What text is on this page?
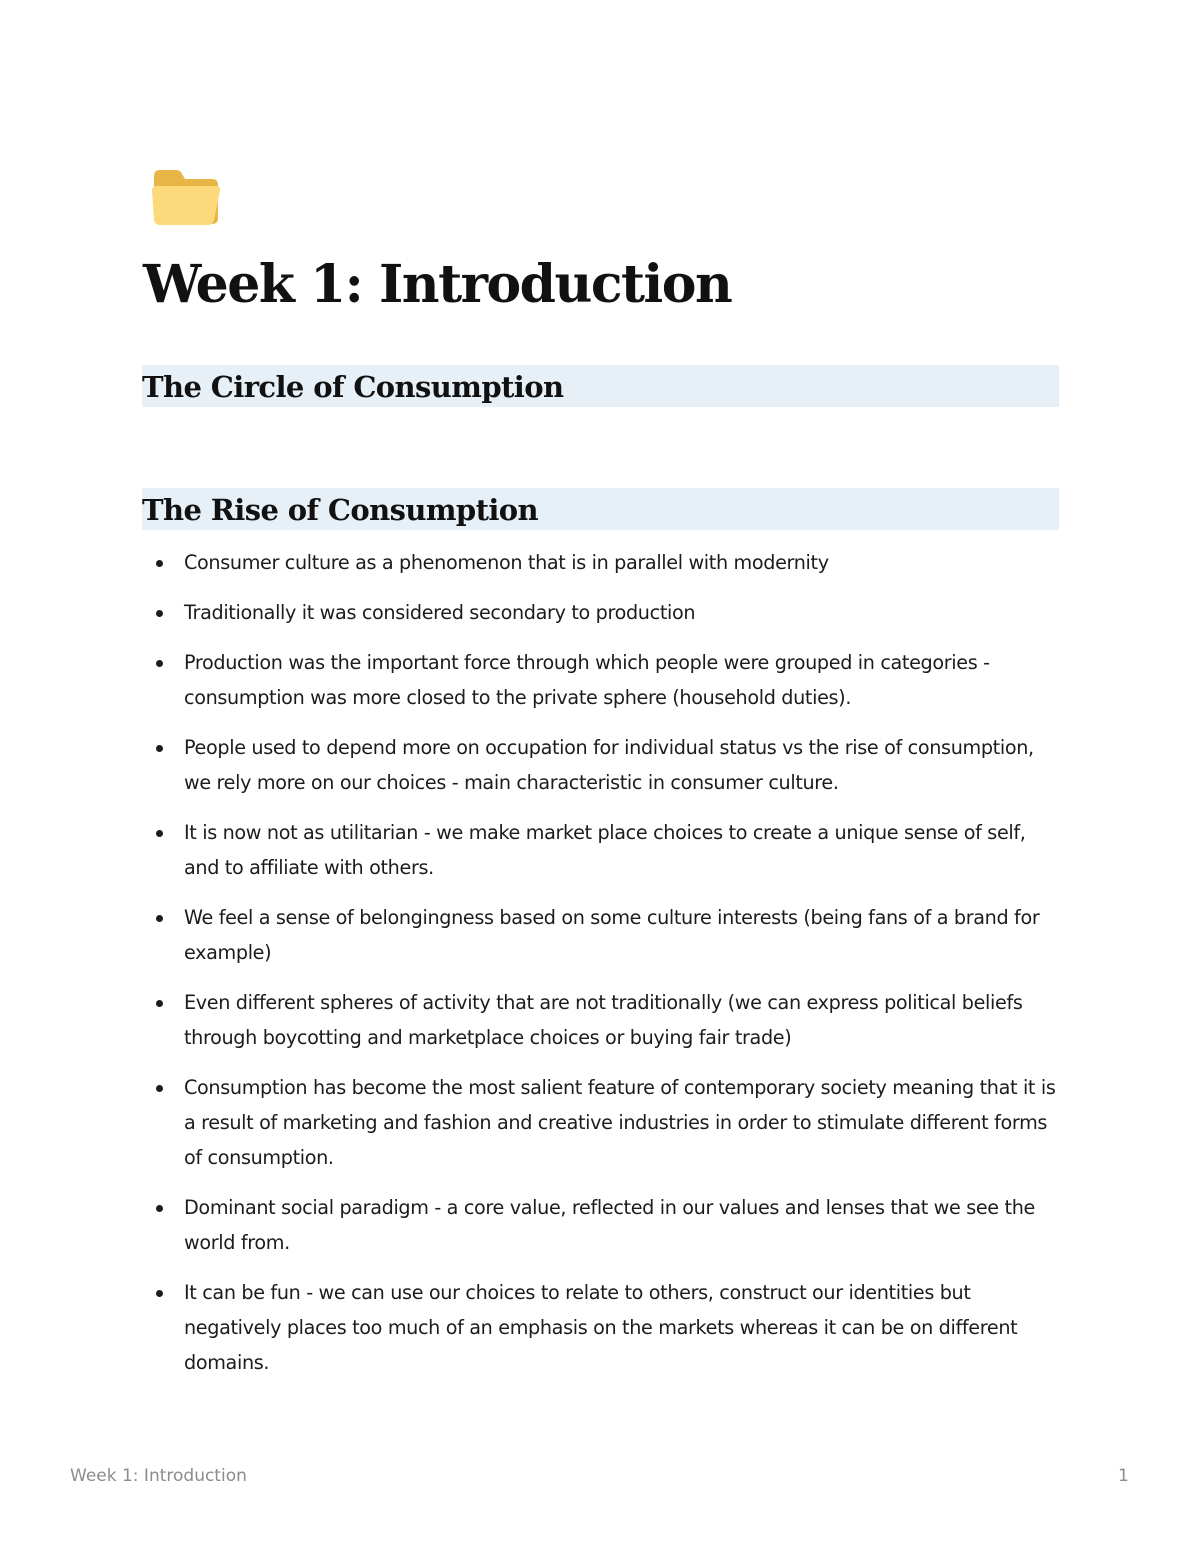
Week 1: Introduction
The Circle of Consumption
The Rise of Consumption
Consumer culture as a phenomenon that is in parallel with modernity
Traditionally it was considered secondary to production
Production was the important force through which people were grouped in categories - consumption was more closed to the private sphere (household duties).
People used to depend more on occupation for individual status vs the rise of consumption, we rely more on our choices - main characteristic in consumer culture.
It is now not as utilitarian - we make market place choices to create a unique sense of self, and to affiliate with others.
We feel a sense of belongingness based on some culture interests (being fans of a brand for example)
Even different spheres of activity that are not traditionally (we can express political beliefs through boycotting and marketplace choices or buying fair trade)
Consumption has become the most salient feature of contemporary society meaning that it is a result of marketing and fashion and creative industries in order to stimulate different forms of consumption.
Dominant social paradigm - a core value, reflected in our values and lenses that we see the world from.
It can be fun - we can use our choices to relate to others, construct our identities but negatively places too much of an emphasis on the markets whereas it can be on different domains.
Week 1: Introduction	1
